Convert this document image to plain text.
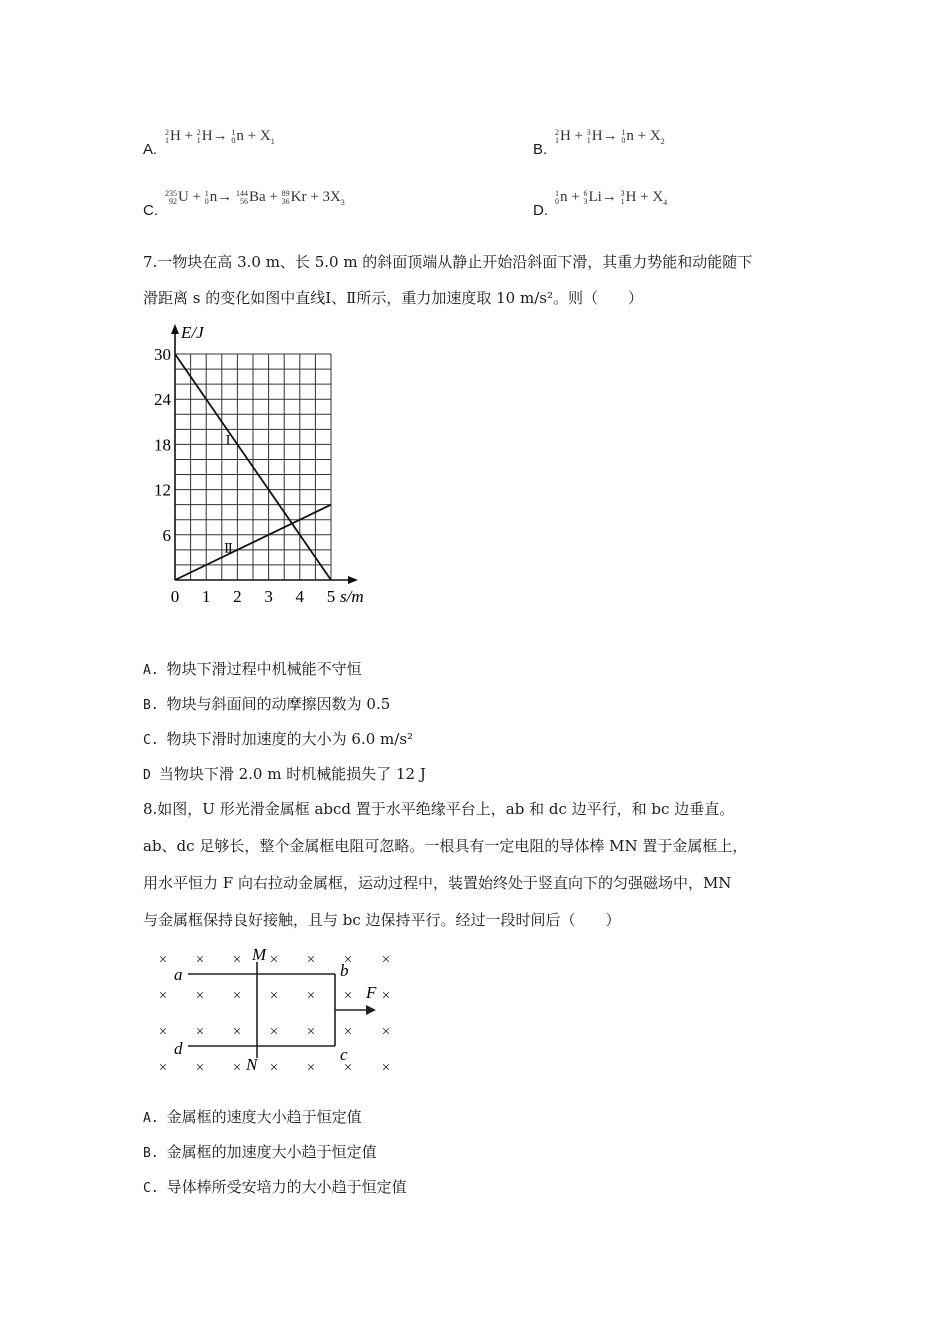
A.
2
1 H + 2
1 H→ 1
0 $n + X_1$	B.
2
1 H + 3
1 H→ 1
0 $n + X_2$
C.
235
92 U + 1
0 n→ 144
56 Ba + 89
36 $Kr + 3X_3$	D.
1
0 n + 6
3 Li→ 3
1 $H + X_4$
7.一物块在高 3.0 m、长 5.0 m 的斜面顶端从静止开始沿斜面下滑，其重力势能和动能随下
滑距离 s 的变化如图中直线Ⅰ、Ⅱ所示，重力加速度取 10 m/s²。则（　　）
6
12
18
24
30
0 1 2 3 4 5
E/J
s/m
Ⅰ
Ⅱ
A. 物块下滑过程中机械能不守恒
B. 物块与斜面间的动摩擦因数为 0.5
C. 物块下滑时加速度的大小为 6.0 m/s²
D 当物块下滑 2.0 m 时机械能损失了 12 J
8.如图，U 形光滑金属框 abcd 置于水平绝缘平台上，ab 和 dc 边平行，和 bc 边垂直。
ab、dc 足够长，整个金属框电阻可忽略。一根具有一定电阻的导体棒 MN 置于金属框上，
用水平恒力 F 向右拉动金属框，运动过程中，装置始终处于竖直向下的匀强磁场中，MN
与金属框保持良好接触，且与 bc 边保持平行。经过一段时间后（　　）
× × × × × × ×
× × × × × × ×
× × × × × × ×
× × × × × × ×
M
N
a	b
c
d
F
A. 金属框的速度大小趋于恒定值
B. 金属框的加速度大小趋于恒定值
C. 导体棒所受安培力的大小趋于恒定值
